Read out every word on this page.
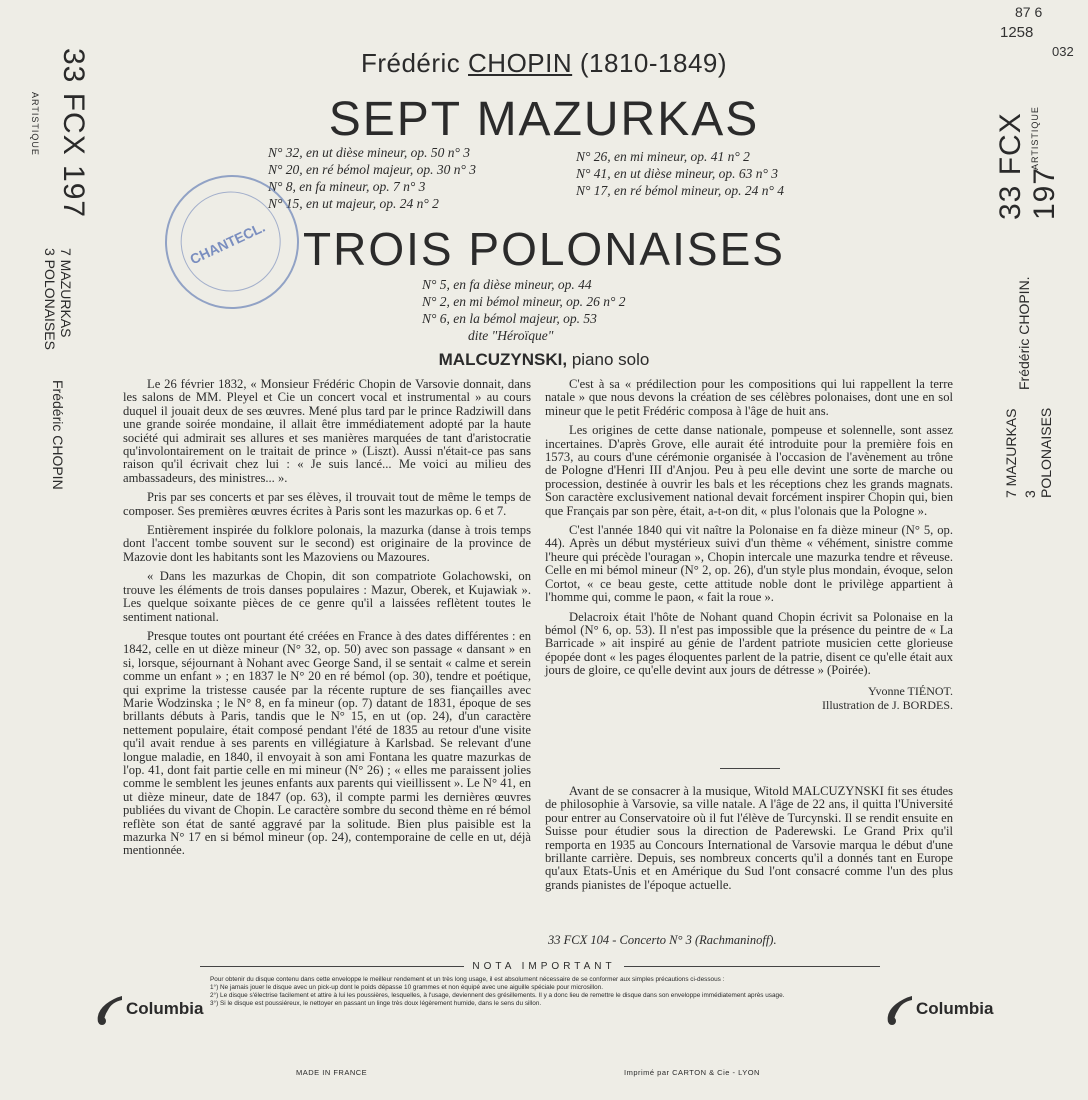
87 6
1258
032
33 FCX 197
ARTISTIQUE
7 MAZURKAS
3 POLONAISES
Frédéric CHOPIN
33 FCX 197
ARTISTIQUE
Frédéric CHOPIN.
7 MAZURKAS 3 POLONAISES
Frédéric CHOPIN (1810-1849)
SEPT MAZURKAS
N° 32, en ut dièse mineur, op. 50 n° 3
N° 20, en ré bémol majeur, op. 30 n° 3
N° 8, en fa mineur, op. 7 n° 3
N° 15, en ut majeur, op. 24 n° 2
N° 26, en mi mineur, op. 41 n° 2
N° 41, en ut dièse mineur, op. 63 n° 3
N° 17, en ré bémol mineur, op. 24 n° 4
TROIS POLONAISES
N° 5, en fa dièse mineur, op. 44
N° 2, en mi bémol mineur, op. 26 n° 2
N° 6, en la bémol majeur, op. 53
dite "Héroïque"
CHANTECL.
MALCUZYNSKI, piano solo

Le 26 février 1832, « Monsieur Frédéric Chopin de Varsovie donnait, dans les salons de MM. Pleyel et Cie un concert vocal et instrumental » au cours duquel il jouait deux de ses œuvres. Mené plus tard par le prince Radziwill dans une grande soirée mondaine, il allait être immédiatement adopté par la haute société qui admirait ses allures et ses manières marquées de tant d'aristocratie qu'involontairement on le traitait de prince » (Liszt). Aussi n'était-ce pas sans raison qu'il écrivait chez lui : « Je suis lancé... Me voici au milieu des ambassadeurs, des ministres... ».

Pris par ses concerts et par ses élèves, il trouvait tout de même le temps de composer. Ses premières œuvres écrites à Paris sont les mazurkas op. 6 et 7.

Entièrement inspirée du folklore polonais, la mazurka (danse à trois temps dont l'accent tombe souvent sur le second) est originaire de la province de Mazovie dont les habitants sont les Mazoviens ou Mazoures.

« Dans les mazurkas de Chopin, dit son compatriote Golachowski, on trouve les éléments de trois danses populaires : Mazur, Oberek, et Kujawiak ». Les quelque soixante pièces de ce genre qu'il a laissées reflètent toutes le sentiment national.

Presque toutes ont pourtant été créées en France à des dates différentes : en 1842, celle en ut dièze mineur (N° 32, op. 50) avec son passage « dansant » en si, lorsque, séjournant à Nohant avec George Sand, il se sentait « calme et serein comme un enfant » ; en 1837 le N° 20 en ré bémol (op. 30), tendre et poétique, qui exprime la tristesse causée par la récente rupture de ses fiançailles avec Marie Wodzinska ; le N° 8, en fa mineur (op. 7) datant de 1831, époque de ses brillants débuts à Paris, tandis que le N° 15, en ut (op. 24), d'un caractère nettement populaire, était composé pendant l'été de 1835 au retour d'une visite qu'il avait rendue à ses parents en villégiature à Karlsbad. Se relevant d'une longue maladie, en 1840, il envoyait à son ami Fontana les quatre mazurkas de l'op. 41, dont fait partie celle en mi mineur (N° 26) ; « elles me paraissent jolies comme le semblent les jeunes enfants aux parents qui vieillissent ». Le N° 41, en ut dièze mineur, date de 1847 (op. 63), il compte parmi les dernières œuvres publiées du vivant de Chopin. Le caractère sombre du second thème en ré bémol reflète son état de santé aggravé par la solitude. Bien plus paisible est la mazurka N° 17 en si bémol mineur (op. 24), contemporaine de celle en ut, déjà mentionnée.

C'est à sa « prédilection pour les compositions qui lui rappellent la terre natale » que nous devons la création de ses célèbres polonaises, dont une en sol mineur que le petit Frédéric composa à l'âge de huit ans.

Les origines de cette danse nationale, pompeuse et solennelle, sont assez incertaines. D'après Grove, elle aurait été introduite pour la première fois en 1573, au cours d'une cérémonie organisée à l'occasion de l'avènement au trône de Pologne d'Henri III d'Anjou. Peu à peu elle devint une sorte de marche ou procession, destinée à ouvrir les bals et les réceptions chez les grands magnats. Son caractère exclusivement national devait forcément inspirer Chopin qui, bien que Français par son père, était, a-t-on dit, « plus l'olonais que la Pologne ».

C'est l'année 1840 qui vit naître la Polonaise en fa dièze mineur (N° 5, op. 44). Après un début mystérieux suivi d'un thème « véhément, sinistre comme l'heure qui précède l'ouragan », Chopin intercale une mazurka tendre et rêveuse. Celle en mi bémol mineur (N° 2, op. 26), d'un style plus mondain, évoque, selon Cortot, « ce beau geste, cette attitude noble dont le privilège appartient à l'homme qui, comme le paon, « fait la roue ».

Delacroix était l'hôte de Nohant quand Chopin écrivit sa Polonaise en la bémol (N° 6, op. 53). Il n'est pas impossible que la présence du peintre de « La Barricade » ait inspiré au génie de l'ardent patriote musicien cette glorieuse épopée dont « les pages éloquentes parlent de la patrie, disent ce qu'elle était aux jours de gloire, ce qu'elle devint aux jours de détresse » (Poirée).

Yvonne TIÉNOT.
Illustration de J. BORDES.

Avant de se consacrer à la musique, Witold MALCUZYNSKI fit ses études de philosophie à Varsovie, sa ville natale. A l'âge de 22 ans, il quitta l'Université pour entrer au Conservatoire où il fut l'élève de Turcynski. Il se rendit ensuite en Suisse pour étudier sous la direction de Paderewski. Le Grand Prix qu'il remporta en 1935 au Concours International de Varsovie marqua le début d'une brillante carrière. Depuis, ses nombreux concerts qu'il a donnés tant en Europe qu'aux Etats-Unis et en Amérique du Sud l'ont consacré comme l'un des plus grands pianistes de l'époque actuelle.

33 FCX 104 - Concerto N° 3 (Rachmaninoff).
NOTA IMPORTANT
Pour obtenir du disque contenu dans cette enveloppe le meilleur rendement et un très long usage, il est absolument nécessaire de se conformer aux simples précautions ci-dessous :
1°) Ne jamais jouer le disque avec un pick-up dont le poids dépasse 10 grammes et non équipé avec une aiguille spéciale pour microsillon.
2°) Le disque s'électrise facilement et attire à lui les poussières, lesquelles, à l'usage, deviennent des grésillements. Il y a donc lieu de remettre le disque dans son enveloppe immédiatement après usage.
3°) Si le disque est poussiéreux, le nettoyer en passant un linge très doux légèrement humide, dans le sens du sillon.
Columbia	Columbia
MADE IN FRANCE	Imprimé par CARTON & Cie - LYON
